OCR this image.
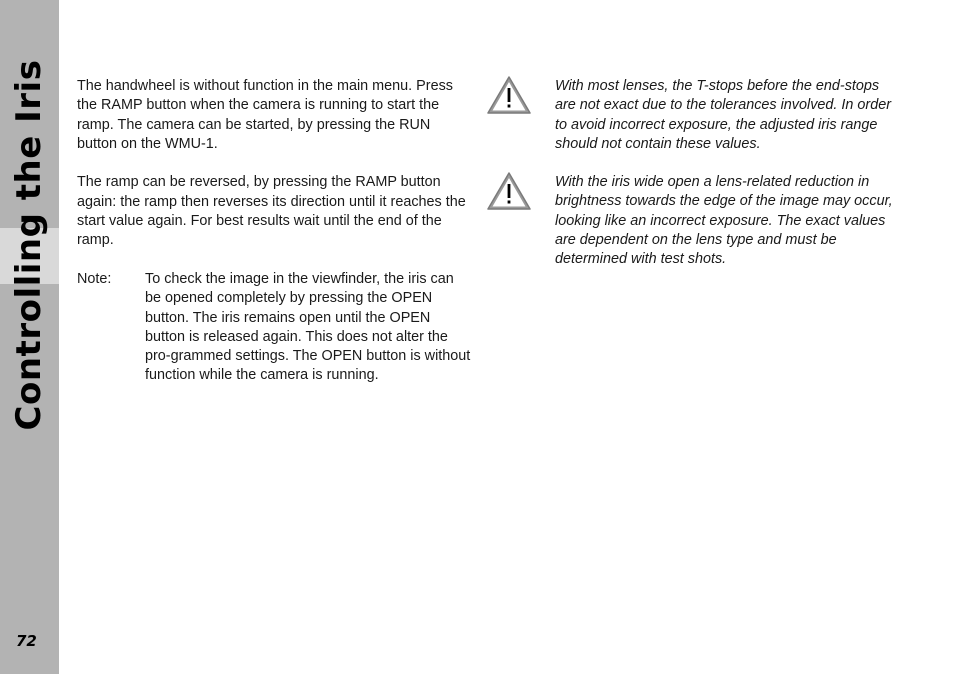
Controlling the Iris
72

The handwheel is without function in the main menu. Press the RAMP button when the camera is running to start the ramp. The camera can be started, by pressing the RUN button on the WMU-1.

The ramp can be reversed, by pressing the RAMP button again: the ramp then reverses its direction until it reaches the start value again. For best results wait until the end of the ramp.

Note:	To check the image in the viewfinder, the iris can be opened completely by pressing the OPEN button. The iris remains open until the OPEN button is released again. This does not alter the pro-grammed settings. The OPEN button is without function while the camera is running.
With most lenses, the T-stops before the end-stops are not exact due to the tolerances involved. In order to avoid incorrect exposure, the adjusted iris range should not contain these values.
With the iris wide open a lens-related reduction in brightness towards the edge of the image may occur, looking like an incorrect exposure. The exact values are dependent on the lens type and must be determined with test shots.
